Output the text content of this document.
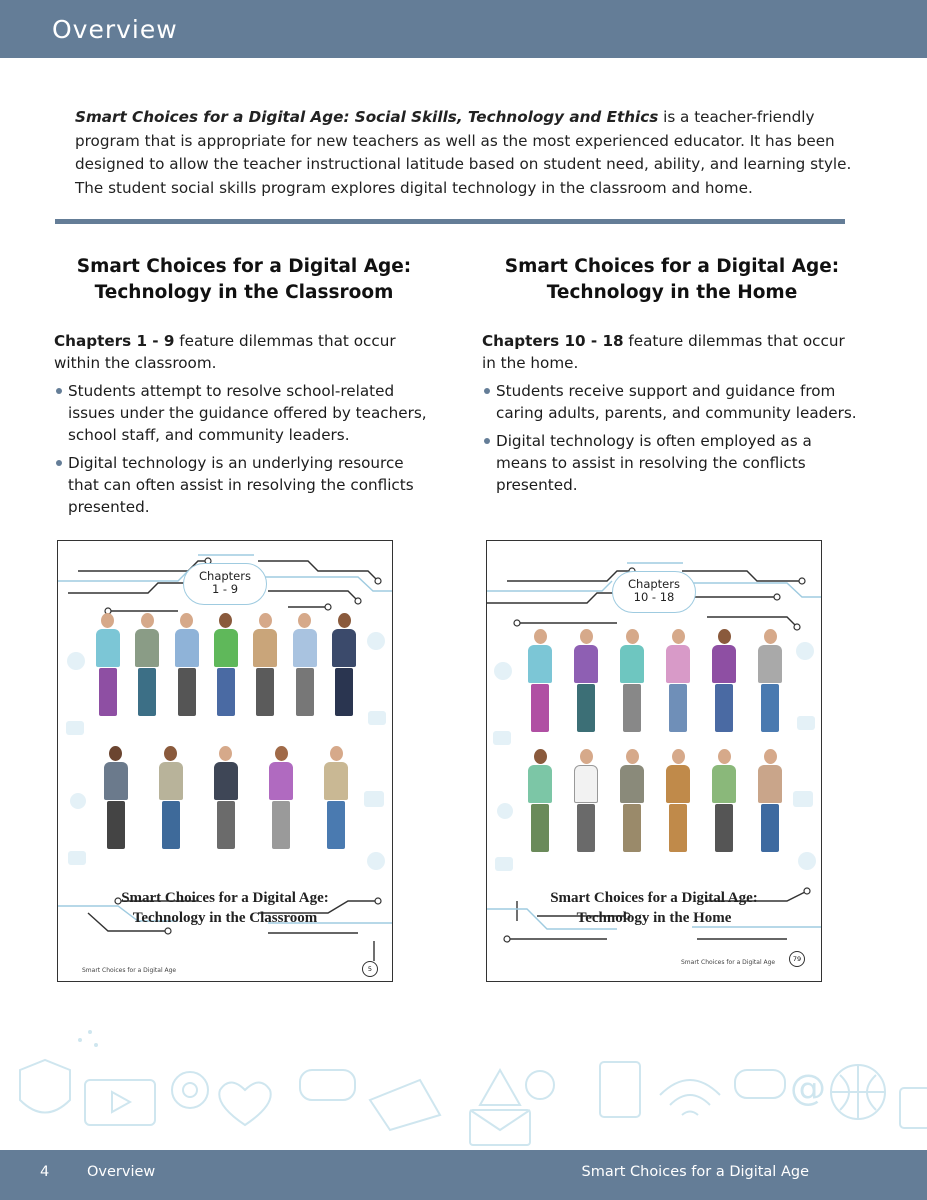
Overview

Smart Choices for a Digital Age: Social Skills, Technology and Ethics is a teacher-friendly program that is appropriate for new teachers as well as the most experienced educator. It has been designed to allow the teacher instructional latitude based on student need, ability, and learning style. The student social skills program explores digital technology in the classroom and home.

Smart Choices for a Digital Age:
Technology in the Classroom

Chapters 1 - 9 feature dilemmas that occur within the classroom.

Students attempt to resolve school-related issues under the guidance offered by teachers, school staff, and community leaders.
Digital technology is an underlying resource that can often assist in resolving the conflicts presented.
Smart Choices for a Digital Age:
Technology in the Home

Chapters 10 - 18 feature dilemmas that occur in the home.

Students receive support and guidance from caring adults, parents, and community leaders.
Digital technology is often employed as a means to assist in resolving the conflicts presented.
Chapters
1 - 9
Smart Choices for a Digital Age:
Technology in the Classroom
Smart Choices for a Digital Age	5
Chapters
10 - 18
Smart Choices for a Digital Age:
Technology in the Home
Smart Choices for a Digital Age	79
@
4	Overview	Smart Choices for a Digital Age
